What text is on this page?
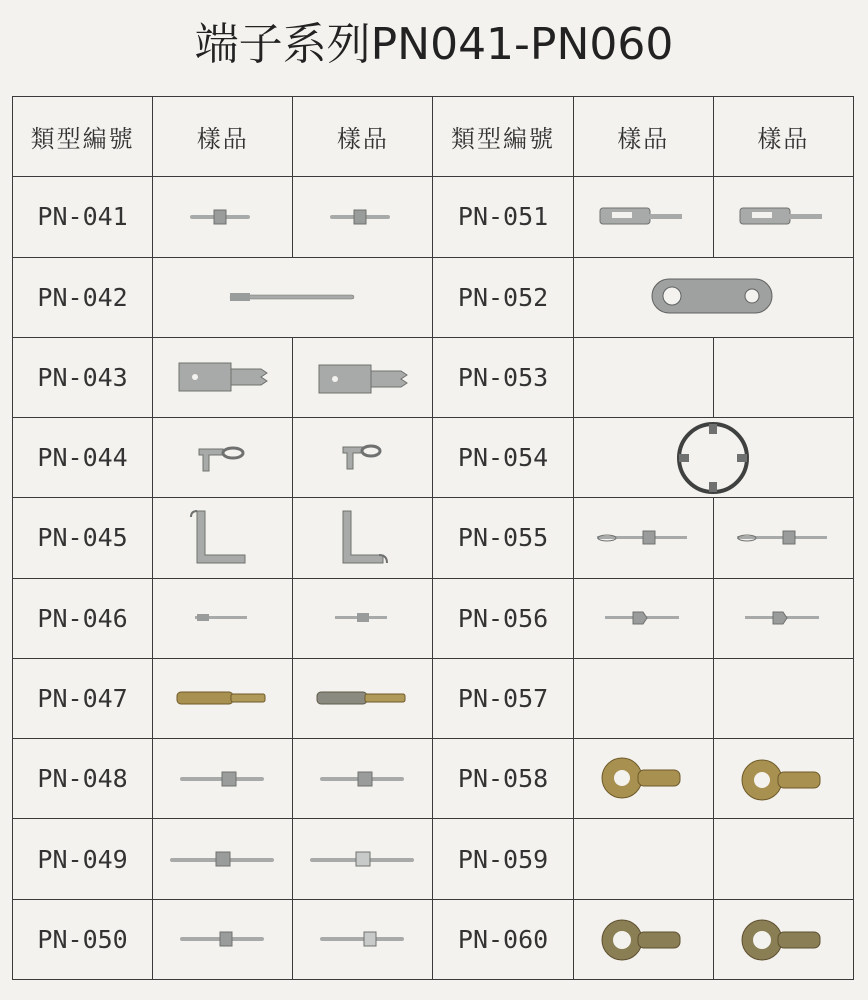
端子系列PN041-PN060
類型編號	樣品	樣品	類型編號	樣品	樣品
PN-041			PN-051	

PN-042			PN-052	

PN-043			PN-053		
PN-044			PN-054	

PN-045			PN-055	

PN-046			PN-056	

PN-047			PN-057		
PN-048			PN-058	

PN-049			PN-059		
PN-050			PN-060	
